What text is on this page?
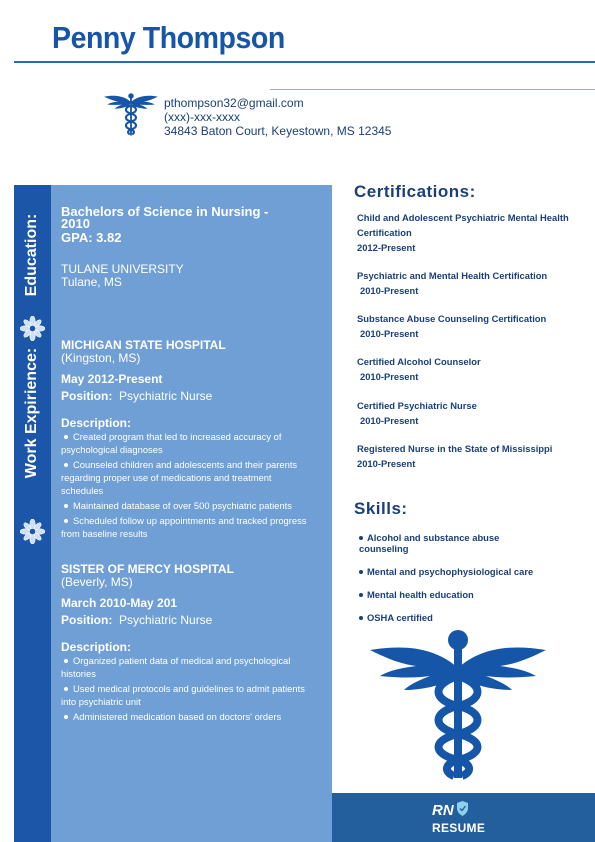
Penny Thompson
pthompson32@gmail.com
(xxx)-xxx-xxxx
34843 Baton Court, Keyestown, MS 12345
Education:
Work Expirience:
Bachelors of Science in Nursing -
2010
GPA: 3.82
TULANE UNIVERSITY
Tulane, MS
MICHIGAN STATE HOSPITAL
(Kingston, MS)
May 2012-Present
Position: Psychiatric Nurse
Description:
Created program that led to increased accuracy of
psychological diagnoses
Counseled children and adolescents and their parents
regarding proper use of medications and treatment
schedules
Maintained database of over 500 psychiatric patients
Scheduled follow up appointments and tracked progress
from baseline results
SISTER OF MERCY HOSPITAL
(Beverly, MS)
March 2010-May 201
Position: Psychiatric Nurse
Description:
Organized patient data of medical and psychological
histories
Used medical protocols and guidelines to admit patients
into psychiatric unit
Administered medication based on doctors' orders
Certifications:
Child and Adolescent Psychiatric Mental Health
Certification
2012-Present
Psychiatric and Mental Health Certification
2010-Present
Substance Abuse Counseling Certification
2010-Present
Certified Alcohol Counselor
2010-Present
Certified Psychiatric Nurse
2010-Present
Registered Nurse in the State of Mississippi
2010-Present
Skills:
Alcohol and substance abuse
counseling
Mental and psychophysiological care
Mental health education
OSHA certified
RN
RESUME
